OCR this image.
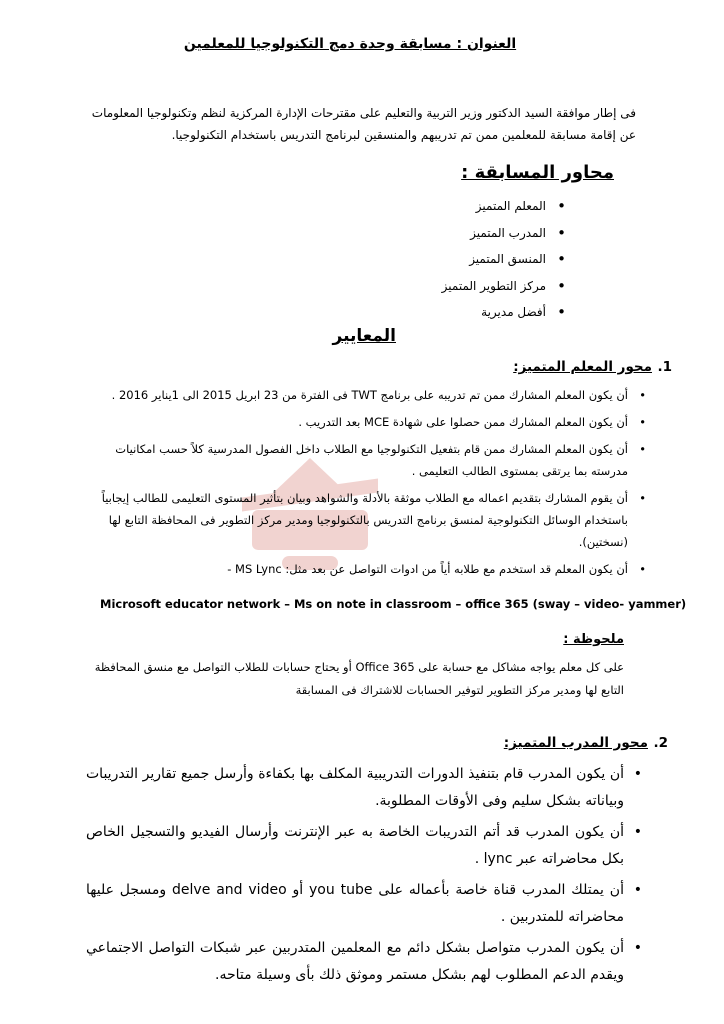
العنوان : مسابقة وحدة دمج التكنولوجيا للمعلمين
فى إطار موافقة السيد الدكتور وزير التربية والتعليم على مقترحات الإدارة المركزية لنظم وتكنولوجيا المعلومات عن إقامة مسابقة للمعلمين ممن تم تدريبهم والمنسقين لبرنامج التدريس باستخدام التكنولوجيا.
محاور المسابقة :
• المعلم المتميز
• المدرب المتميز
• المنسق المتميز
• مركز التطوير المتميز
• أفضل مديرية
المعايير
1.
محور المعلم المتميز:
• أن يكون المعلم المشارك ممن تم تدريبه على برنامج TWT فى الفترة من 23 ابريل 2015 الى 1يناير 2016 .
• أن يكون المعلم المشارك ممن حصلوا على شهادة MCE بعد التدريب .
• أن يكون المعلم المشارك ممن قام بتفعيل التكنولوجيا مع الطلاب داخل الفصول المدرسية كلاً حسب امكانيات مدرسته بما يرتقى بمستوى الطالب التعليمى .
• أن يقوم المشارك بتقديم اعماله مع الطلاب موثقة بالأدلة والشواهد وبيان بتأثير المستوى التعليمى للطالب إيجابياً باستخدام الوسائل التكنولوجية لمنسق برنامج التدريس بالتكنولوجيا ومدير مركز التطوير فى المحافظة التابع لها (نسختين).
• أن يكون المعلم قد استخدم مع طلابه أياً من ادوات التواصل عن بعد مثل: MS Lync -
Microsoft educator network – Ms on note in classroom – office 365 (sway – video- yammer)
ملحوظة :
على كل معلم يواجه مشاكل مع حسابة على Office 365 أو يحتاج حسابات للطلاب التواصل مع منسق المحافظة التابع لها ومدير مركز التطوير لتوفير الحسابات للاشتراك فى المسابقة
2.
محور المدرب المتميز:
• أن يكون المدرب قام بتنفيذ الدورات التدريبية المكلف بها بكفاءة وأرسل جميع تقارير التدريبات وبياناته بشكل سليم وفى الأوقات المطلوبة.
• أن يكون المدرب قد أتم التدريبات الخاصة به عبر الإنترنت وأرسال الفيديو والتسجيل الخاص بكل محاضراته عبر lync .
• أن يمتلك المدرب قناة خاصة بأعماله على you tube أو delve and video ومسجل عليها محاضراته للمتدربين .
• أن يكون المدرب متواصل بشكل دائم مع المعلمين المتدربين عبر شبكات التواصل الاجتماعي ويقدم الدعم المطلوب لهم بشكل مستمر وموثق ذلك بأى وسيلة متاحه.
